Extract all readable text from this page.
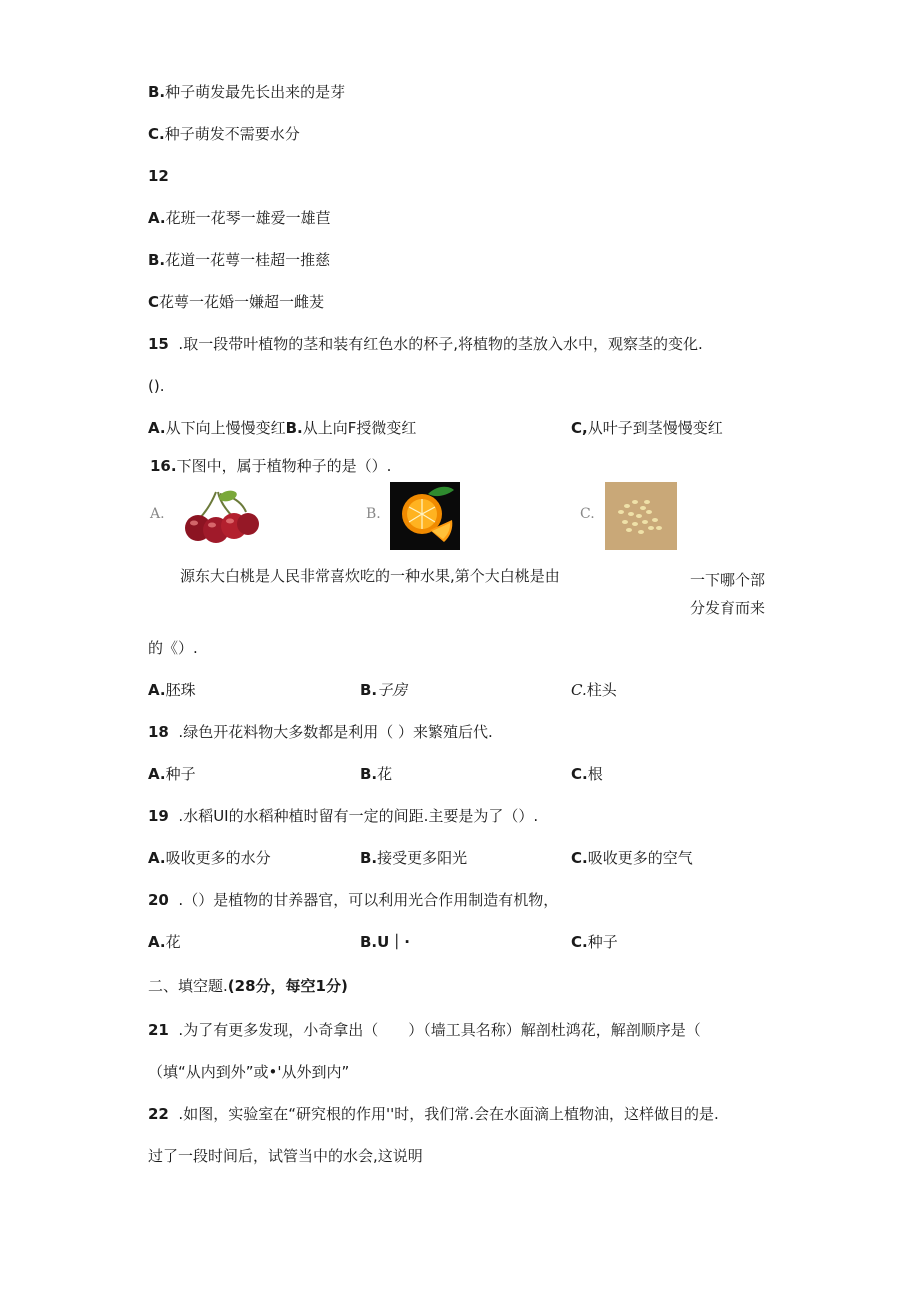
B.种子萌发最先长出来的是芽
C.种子萌发不需要水分
12
A.花班一花琴一雄爱一雄苣
B.花道一花萼一桂超一推慈
C花萼一花婚一嫌超一雌茇
15 .取一段带叶植物的茎和装有红色水的杯子,将植物的茎放入水中，观察茎的变化.
().
A.从下向上慢慢变红B.从上向F授微变红	C,从叶子到茎慢慢变红
16.下图中，属于植物种子的是（）.
A.	B.	C.
源东大白桃是人民非常喜炊吃的一种水果,第个大白桃是由	一下哪个部
分发育而来
的《）.
A.胚珠	B.子房	C.柱头
18 .绿色开花料物大多数都是利用（ ）来繁殖后代.
A.种子	B.花	C.根
19 .水稻UI的水稻种植时留有一定的间距.主要是为了（）.
A.吸收更多的水分	B.接受更多阳光	C.吸收更多的空气
20 .（）是植物的甘养器官，可以利用光合作用制造有机物，
A.花	B.U｜·	C.种子
二、填空题.(28分，每空1分)
21 .为了有更多发现，小奇拿出（　　）（墙工具名称）解剖杜鸿花，解剖顺序是（
（填“从内到外”或•'从外到内”
22 .如图，实验室在“研究根的作用''时，我们常.会在水面滴上植物油，这样做目的是.
过了一段时间后，试管当中的水会,这说明
